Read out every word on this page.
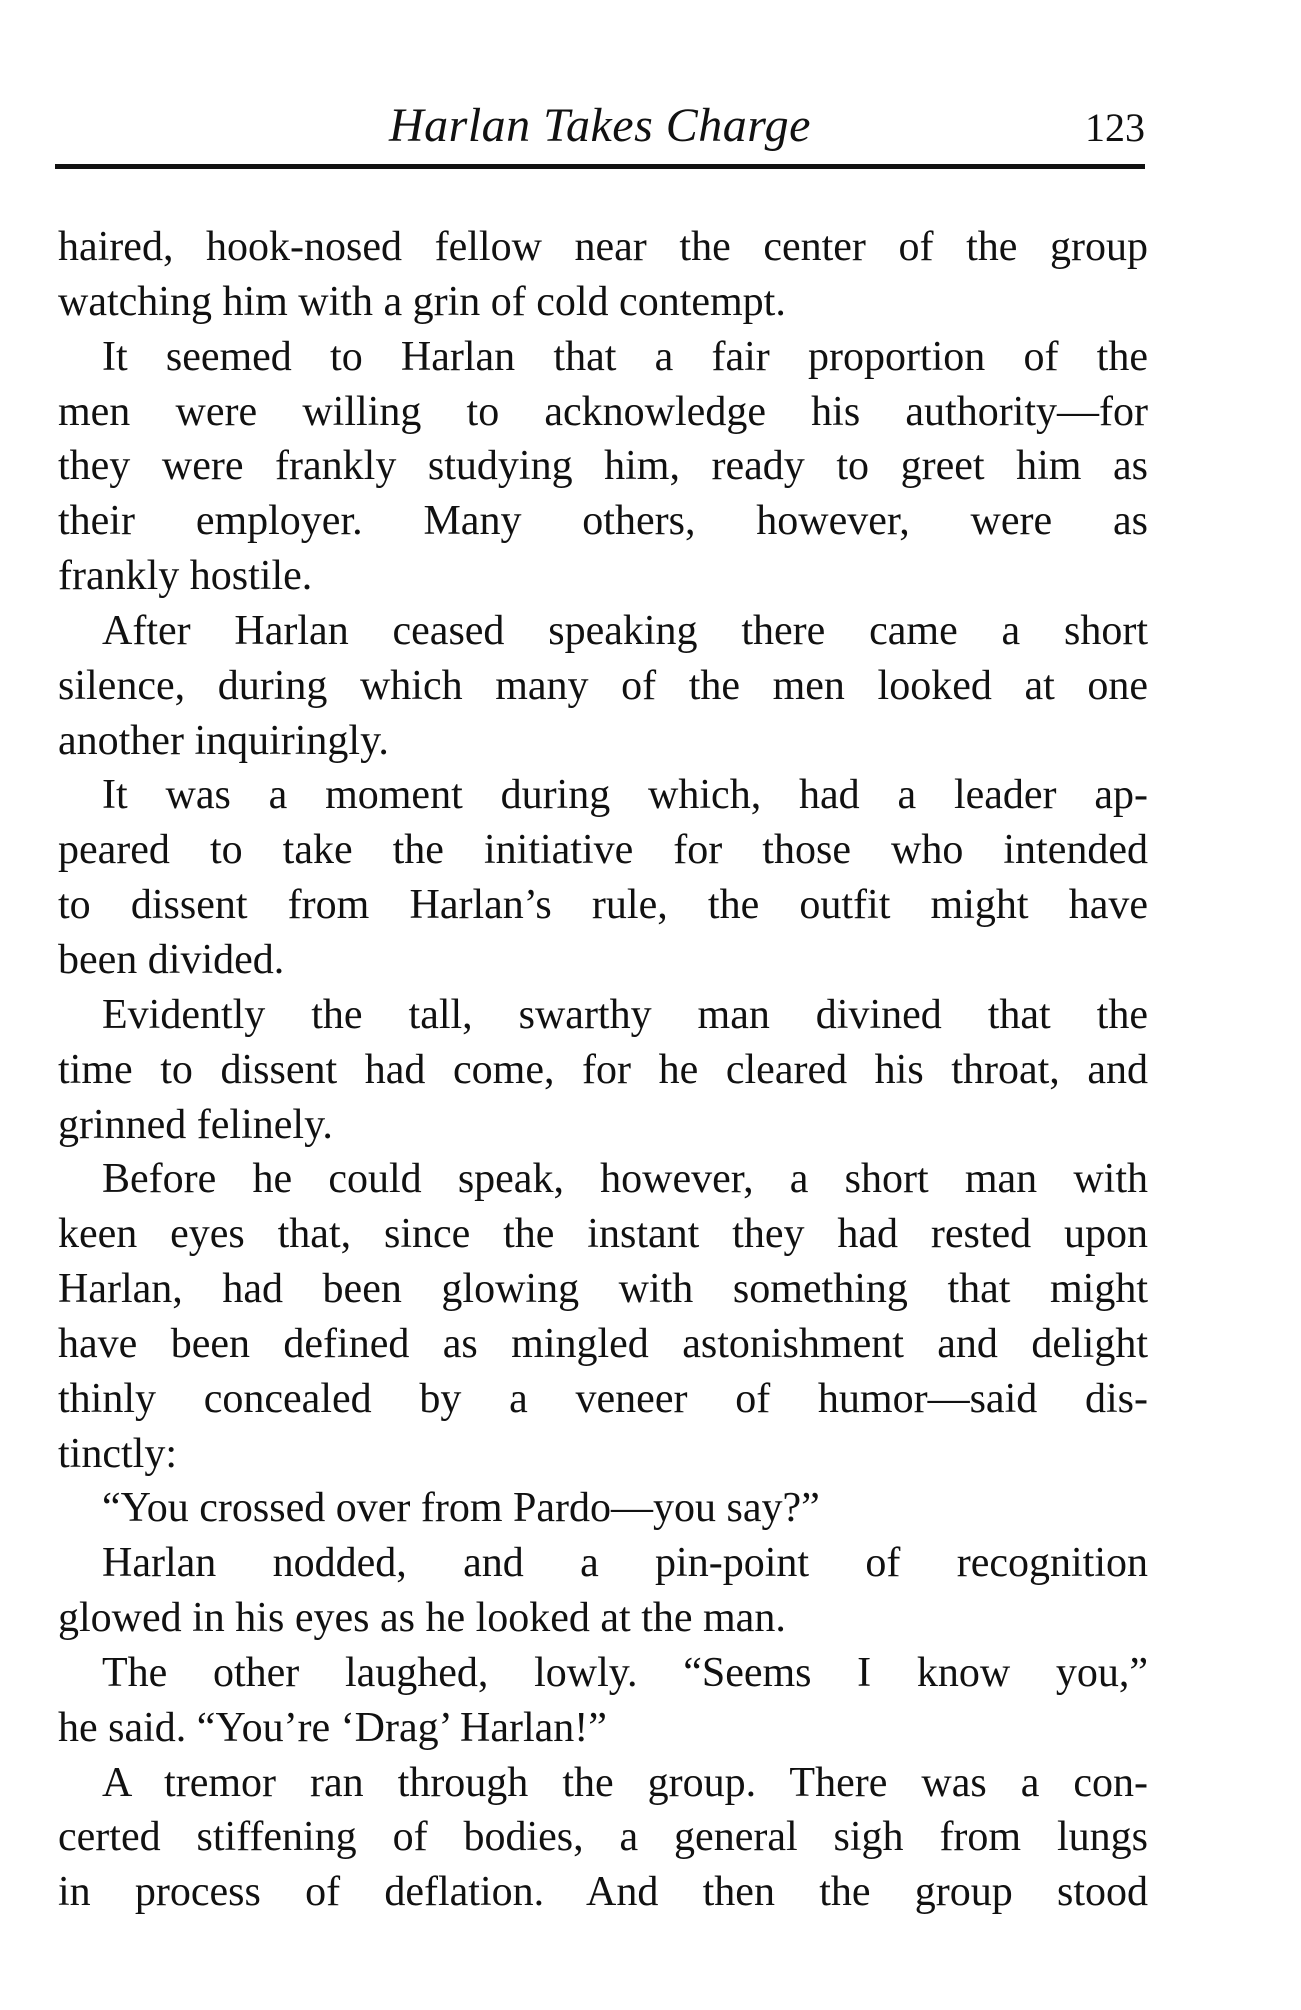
Harlan Takes Charge	123
haired, hook-nosed fellow near the center of the group
watching him with a grin of cold contempt.
It seemed to Harlan that a fair proportion of the
men were willing to acknowledge his authority—for
they were frankly studying him, ready to greet him as
their employer. Many others, however, were as
frankly hostile.
After Harlan ceased speaking there came a short
silence, during which many of the men looked at one
another inquiringly.
It was a moment during which, had a leader ap-
peared to take the initiative for those who intended
to dissent from Harlan’s rule, the outfit might have
been divided.
Evidently the tall, swarthy man divined that the
time to dissent had come, for he cleared his throat, and
grinned felinely.
Before he could speak, however, a short man with
keen eyes that, since the instant they had rested upon
Harlan, had been glowing with something that might
have been defined as mingled astonishment and delight
thinly concealed by a veneer of humor—said dis-
tinctly:
“You crossed over from Pardo—you say?”
Harlan nodded, and a pin-point of recognition
glowed in his eyes as he looked at the man.
The other laughed, lowly. “Seems I know you,”
he said. “You’re ‘Drag’ Harlan!”
A tremor ran through the group. There was a con-
certed stiffening of bodies, a general sigh from lungs
in process of deflation. And then the group stood
